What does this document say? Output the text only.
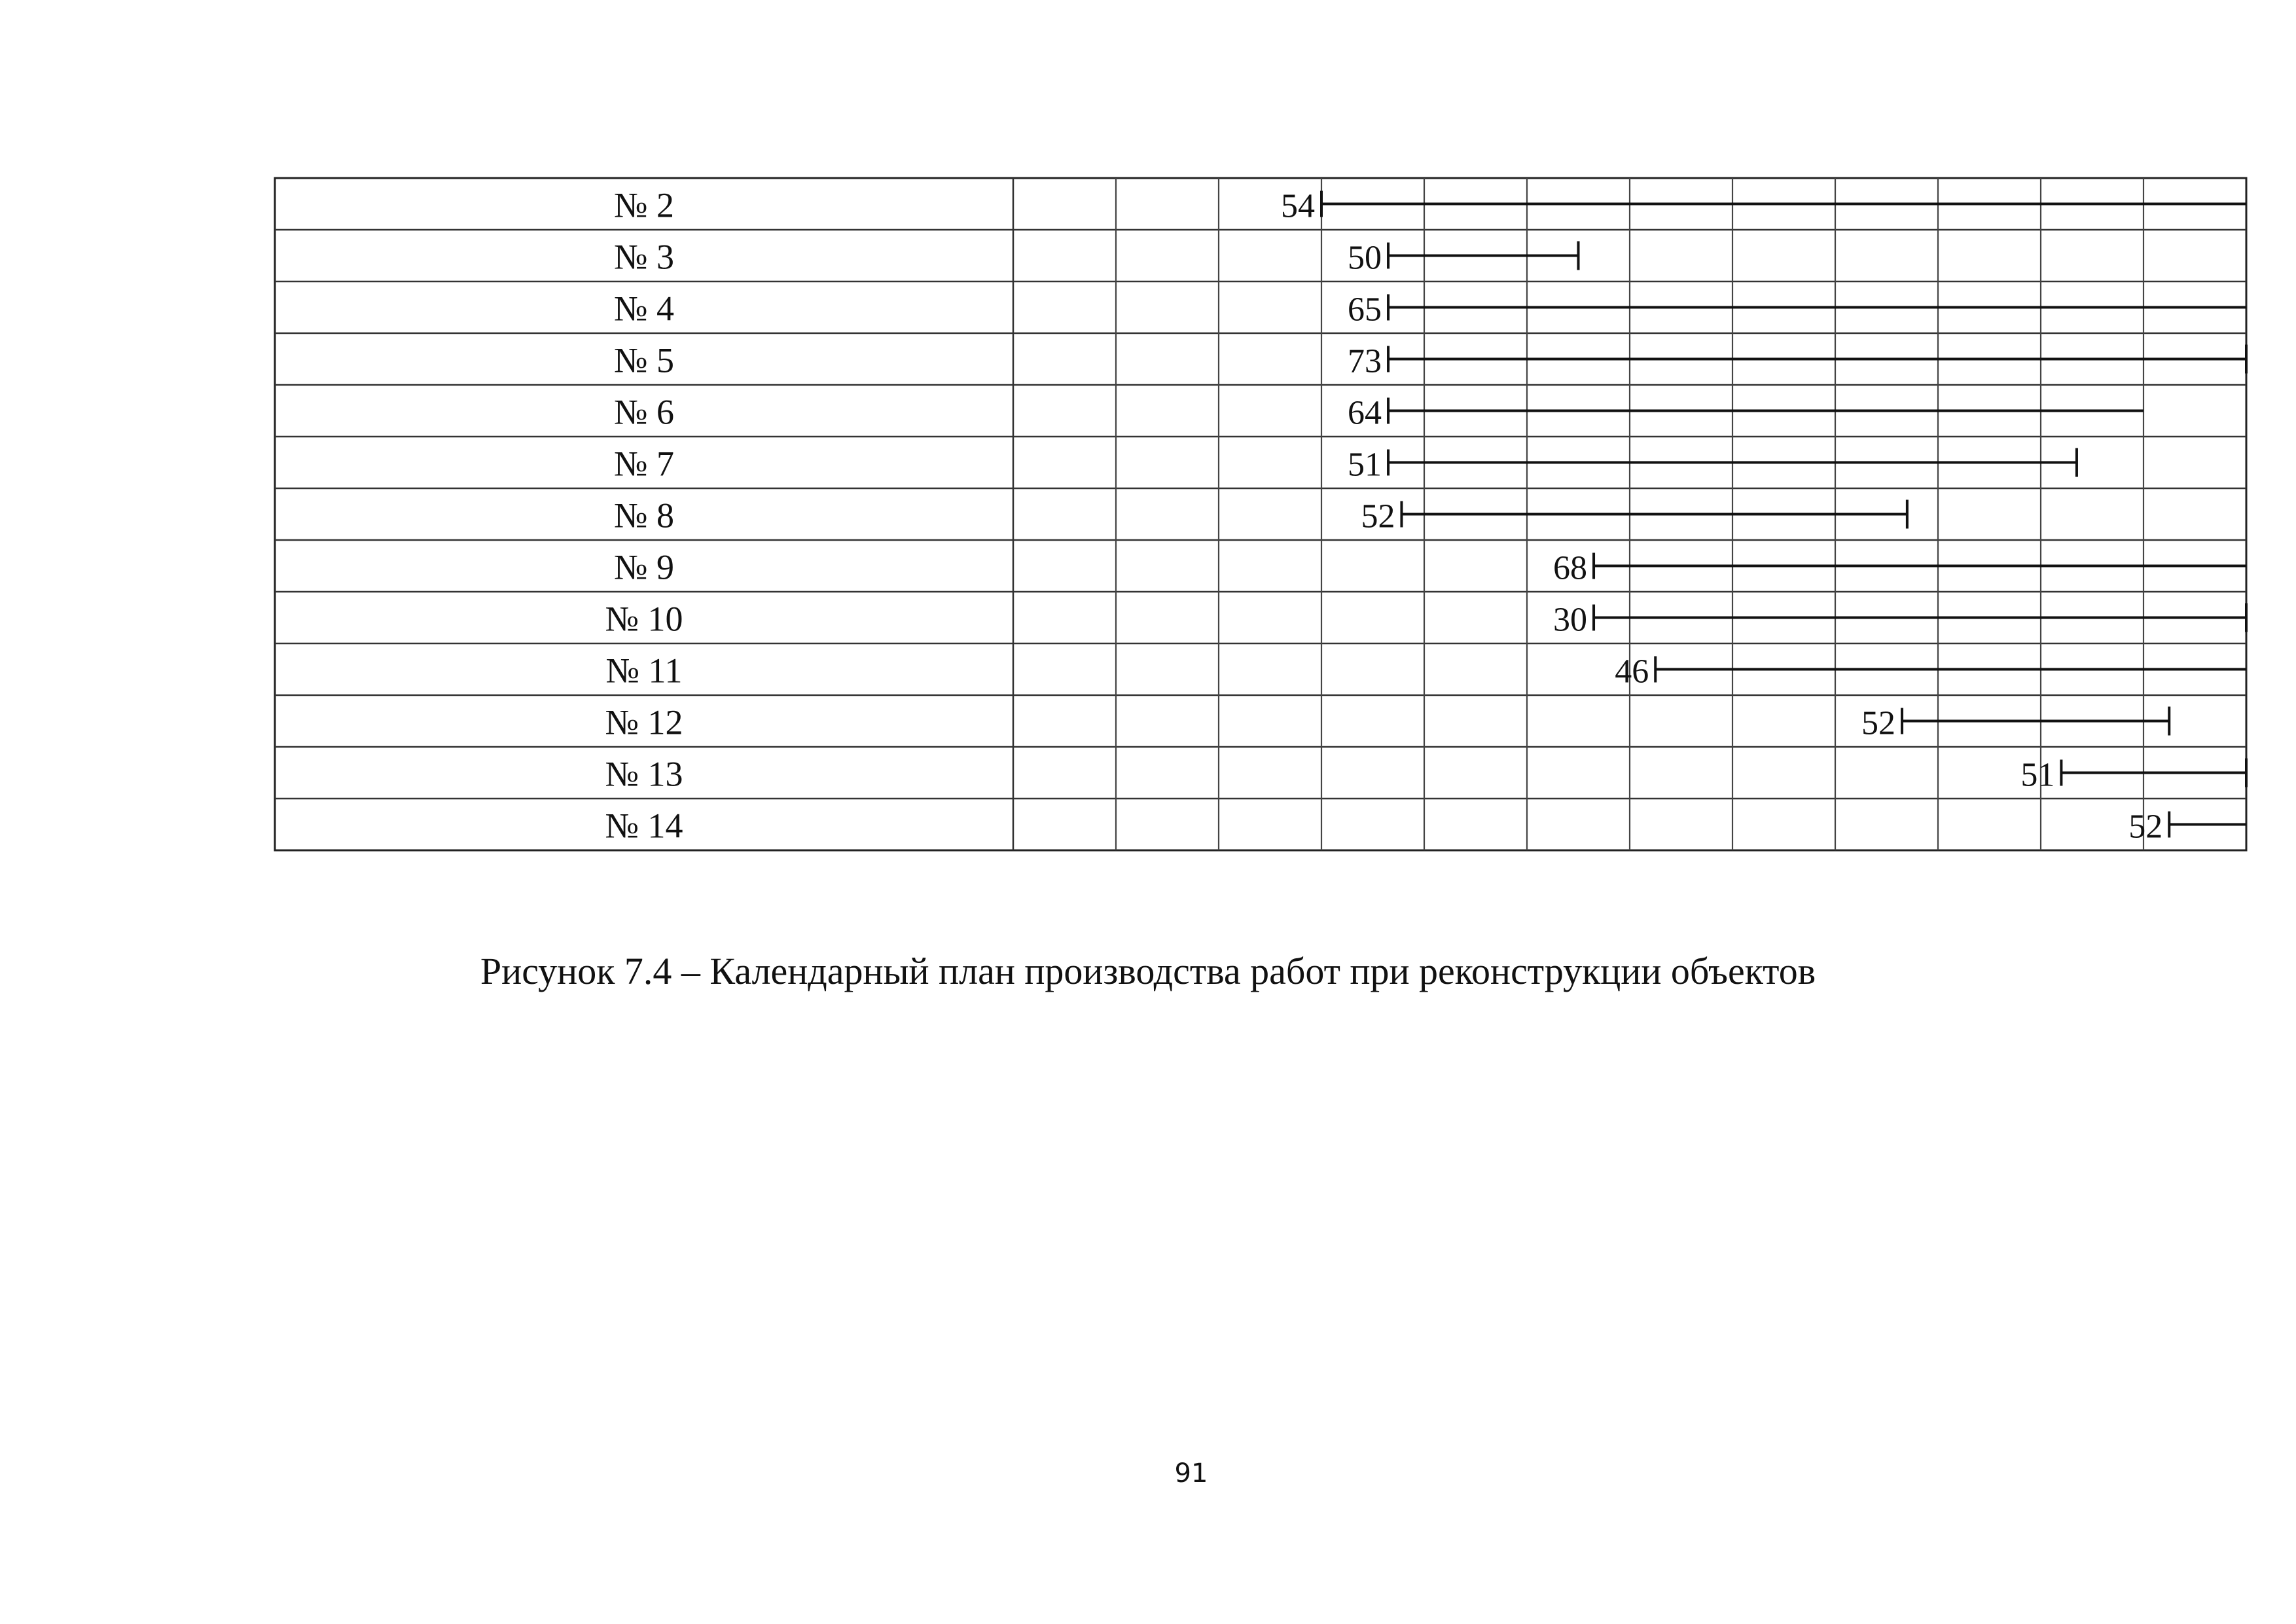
№ 2	54
№ 3	50
№ 4	65
№ 5	73
№ 6	64
№ 7	51
№ 8	52
№ 9	68
№ 10	30
№ 11	46
№ 12	52
№ 13	51
№ 14	52
Рисунок 7.4 – Календарный план производства работ при реконструкции объектов
91
